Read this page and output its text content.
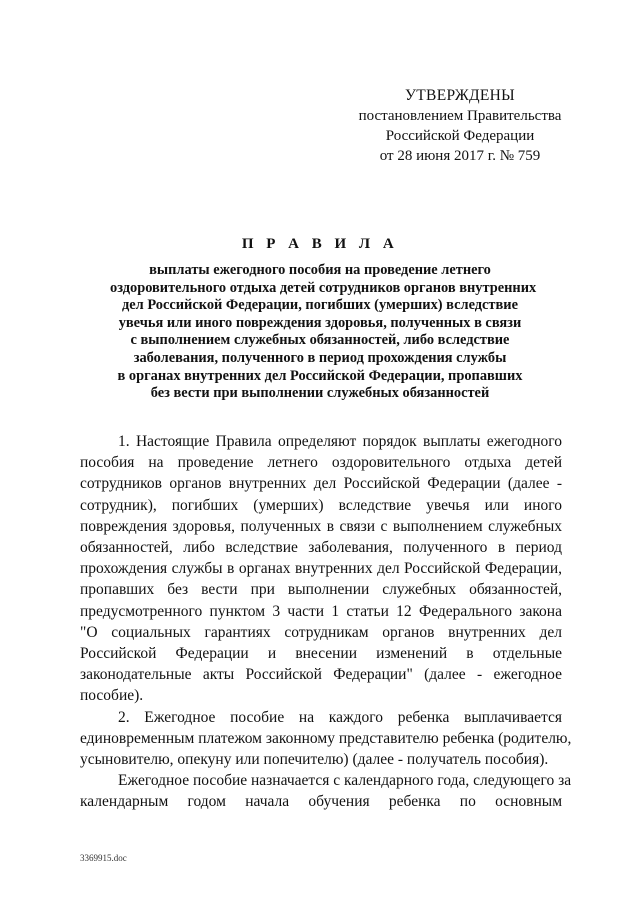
УТВЕРЖДЕНЫ
постановлением Правительства
Российской Федерации
от 28 июня 2017 г. № 759
П Р А В И Л А
выплаты ежегодного пособия на проведение летнего
оздоровительного отдыха детей сотрудников органов внутренних
дел Российской Федерации, погибших (умерших) вследствие
увечья или иного повреждения здоровья, полученных в связи
с выполнением служебных обязанностей, либо вследствие
заболевания, полученного в период прохождения службы
в органах внутренних дел Российской Федерации, пропавших
без вести при выполнении служебных обязанностей
1. Настоящие Правила определяют порядок выплаты ежегодного
пособия на проведение летнего оздоровительного отдыха детей
сотрудников органов внутренних дел Российской Федерации (далее -
сотрудник), погибших (умерших) вследствие увечья или иного
повреждения здоровья, полученных в связи с выполнением служебных
обязанностей, либо вследствие заболевания, полученного в период
прохождения службы в органах внутренних дел Российской Федерации,
пропавших без вести при выполнении служебных обязанностей,
предусмотренного пунктом 3 части 1 статьи 12 Федерального закона
"О социальных гарантиях сотрудникам органов внутренних дел
Российской Федерации и внесении изменений в отдельные
законодательные акты Российской Федерации" (далее - ежегодное
пособие).
2. Ежегодное пособие на каждого ребенка выплачивается
единовременным платежом законному представителю ребенка (родителю,
усыновителю, опекуну или попечителю) (далее - получатель пособия).
Ежегодное пособие назначается с календарного года, следующего за
календарным годом начала обучения ребенка по основным
3369915.doc
